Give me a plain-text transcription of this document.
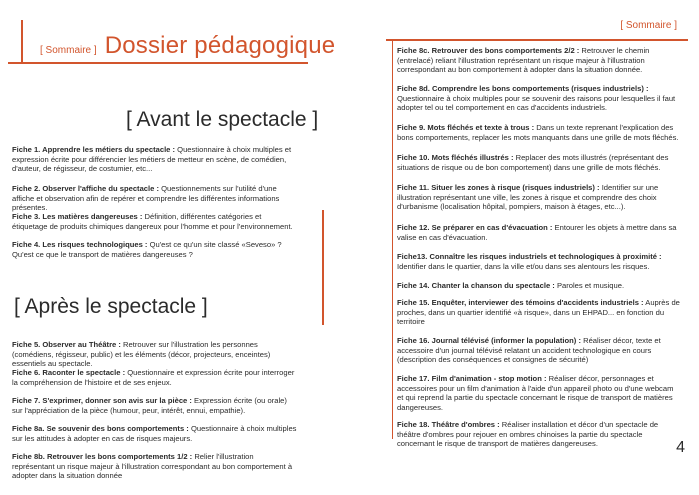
[ Sommaire ] Dossier pédagogique
[ Sommaire ]
[ Avant le spectacle ]
Fiche 1. Apprendre les métiers du spectacle : Questionnaire à choix multiples et expression écrite pour différencier les métiers de metteur en scène, de comédien, d'auteur, de régisseur, de costumier, etc...
Fiche 2. Observer l'affiche du spectacle : Questionnements sur l'utilité d'une affiche et observation afin de repérer et comprendre les différentes informations présentes.
Fiche 3. Les matières dangereuses : Définition, différentes catégories et étiquetage de produits chimiques dangereux pour l'homme et pour l'environnement.
Fiche 4. Les risques technologiques : Qu'est ce qu'un site classé «Seveso» ? Qu'est ce que le transport de matières dangereuses ?
[ Après le spectacle ]
Fiche 5. Observer au Théâtre : Retrouver sur l'illustration les personnes (comédiens, régisseur, public) et les éléments (décor, projecteurs, enceintes) essentiels au spectacle.
Fiche 6. Raconter le spectacle : Questionnaire et expression écrite pour interroger la compréhension de l'histoire et de ses enjeux.
Fiche 7. S'exprimer, donner son avis sur la pièce : Expression écrite (ou orale) sur l'appréciation de la pièce (humour, peur, intérêt, ennui, empathie).
Fiche 8a. Se souvenir des bons comportements : Questionnaire à choix multiples sur les attitudes à adopter en cas de risques majeurs.
Fiche 8b. Retrouver les bons comportements 1/2 : Relier l'illustration représentant un risque majeur à l'illustration correspondant au bon comportement à adopter dans la situation donnée
Fiche 8c. Retrouver des bons comportements 2/2 : Retrouver le chemin (entrelacé) reliant l'illustration représentant un risque majeur à l'illustration correspondant au bon comportement à adopter dans la situation donnée.
Fiche 8d. Comprendre les bons comportements (risques industriels) : Questionnaire à choix multiples pour se souvenir des raisons pour lesquelles il faut adopter tel ou tel comportement en cas d'accidents industriels.
Fiche 9. Mots fléchés et texte à trous : Dans un texte reprenant l'explication des bons comportements, replacer les mots manquants dans une grille de mots fléchés.
Fiche 10. Mots fléchés illustrés : Replacer des mots illustrés (représentant des situations de risque ou de bon comportement) dans une grille de mots fléchés.
Fiche 11. Situer les zones à risque (risques industriels) : Identifier sur une illustration représentant une ville, les zones à risque et comprendre des choix d'urbanisme (localisation hôpital, pompiers, maison à étages, etc...).
Fiche 12. Se préparer en cas d'évacuation : Entourer les objets à mettre dans sa valise en cas d'évacuation.
Fiche13. Connaître les risques industriels et technologiques à proximité : Identifier dans le quartier, dans la ville et/ou dans ses alentours les risques.
Fiche 14. Chanter la chanson du spectacle : Paroles et musique.
Fiche 15. Enquêter, interviewer des témoins d'accidents industriels : Auprès de proches, dans un quartier identifié «à risque», dans un EHPAD... en fonction du territoire
Fiche 16. Journal télévisé (informer la population) : Réaliser décor, texte et accessoire d'un journal télévisé relatant un accident technologique en cours (description des conséquences et consignes de sécurité)
Fiche 17. Film d'animation - stop motion : Réaliser décor, personnages et accessoires pour un film d'animation à l'aide d'un appareil photo ou d'une webcam et qui reprend la partie du spectacle concernant le risque de transport de matières dangereuses.
Fiche 18. Théâtre d'ombres : Réaliser installation et décor d'un spectacle de théâtre d'ombres pour rejouer en ombres chinoises la partie du spectacle concernant le risque de transport de matières dangereuses.	4
